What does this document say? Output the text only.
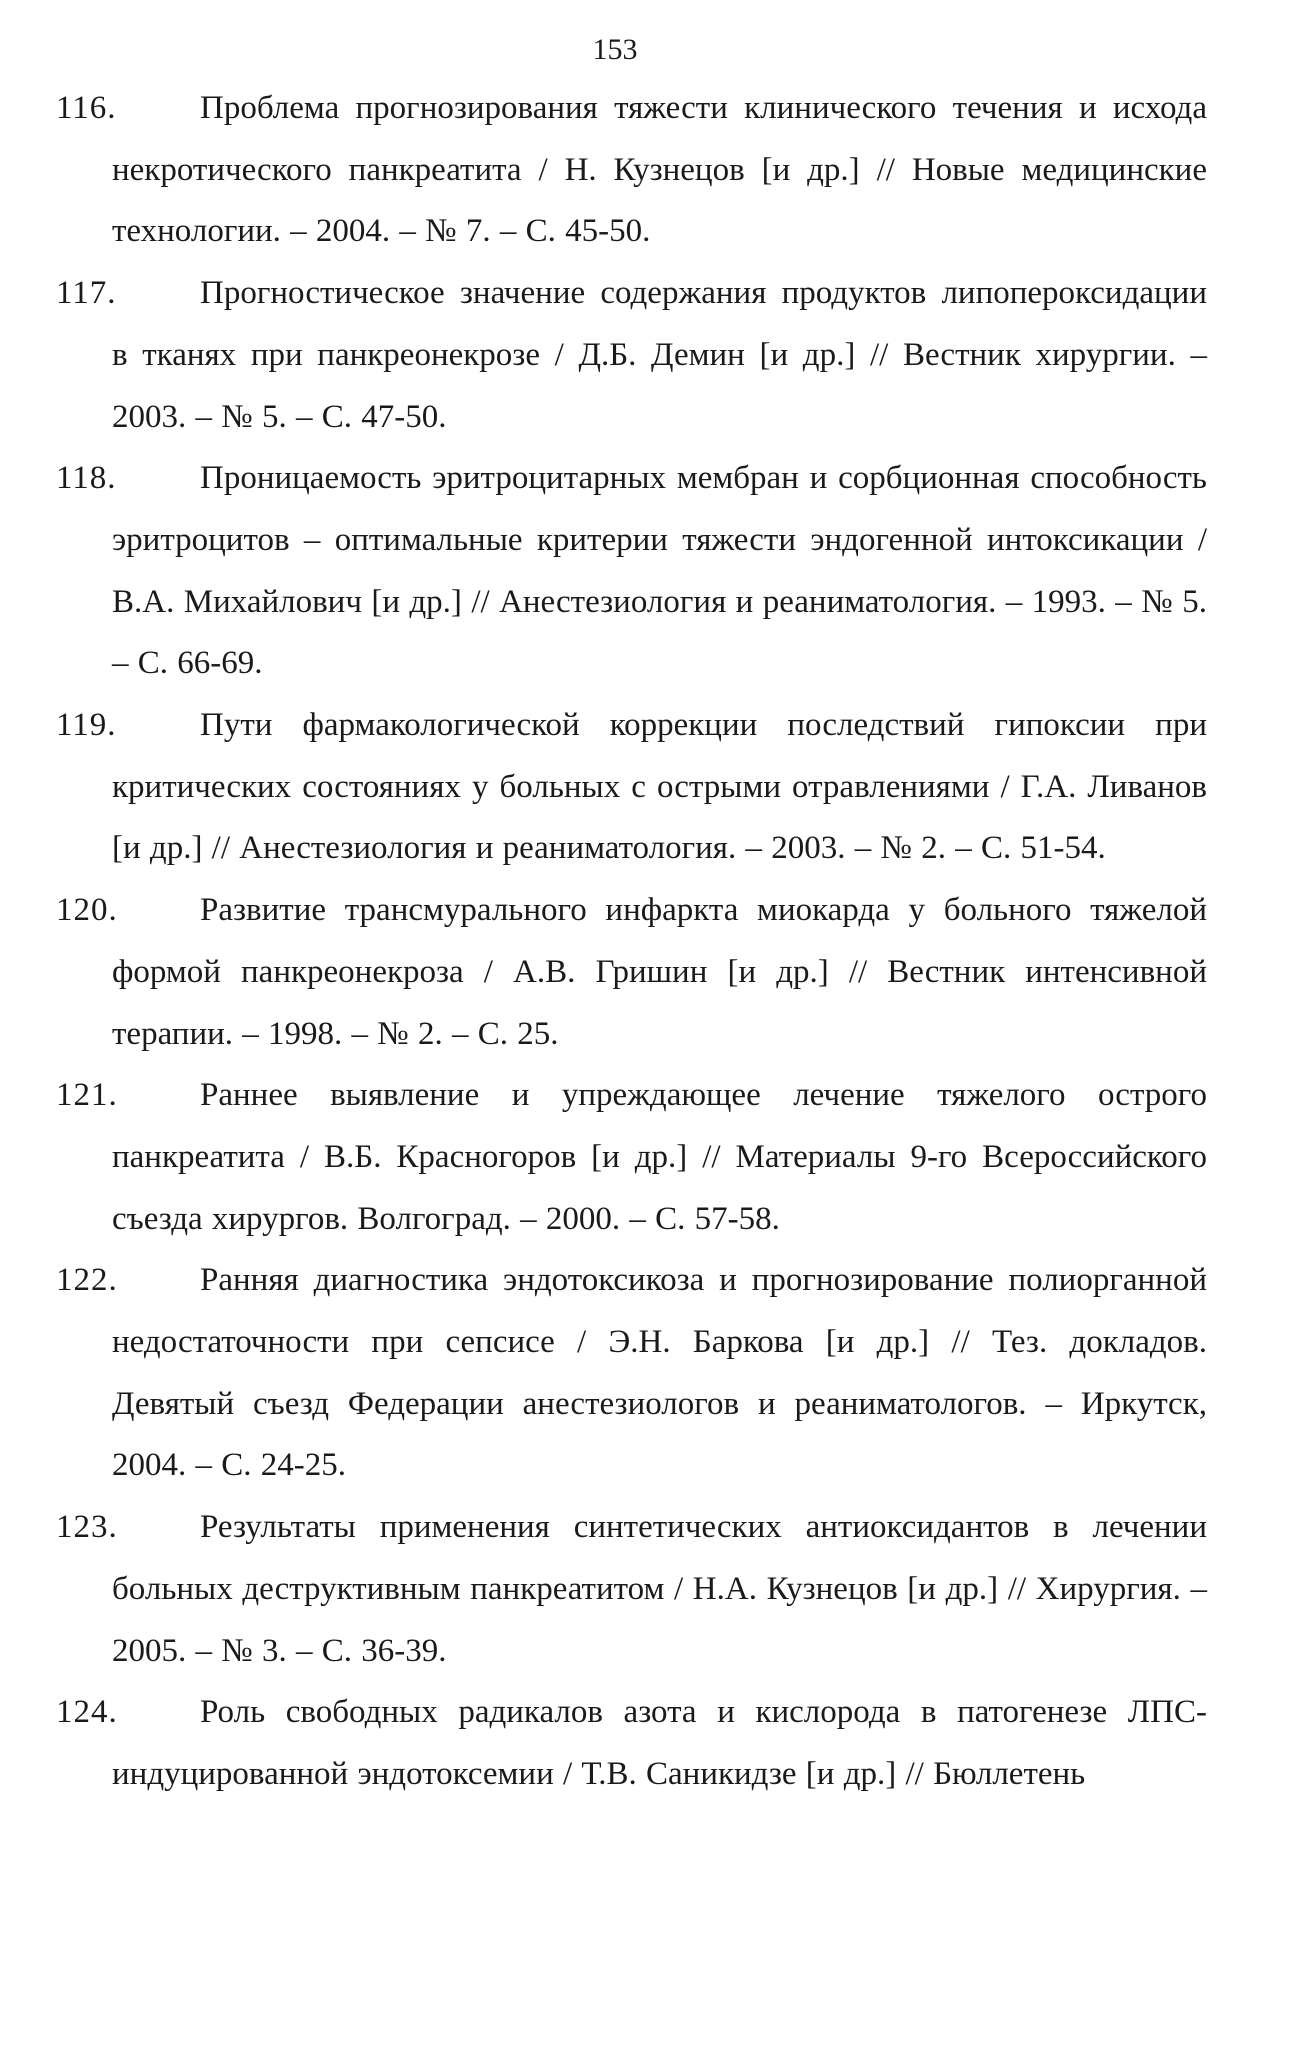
153
116.	Проблема прогнозирования тяжести клинического течения и исхода некротического панкреатита / Н. Кузнецов [и др.] // Новые медицинские технологии. – 2004. – № 7. – С. 45-50.
117.	Прогностическое значение содержания продуктов липопероксидации в тканях при панкреонекрозе / Д.Б. Демин [и др.] // Вестник хирургии. – 2003. – № 5. – С. 47-50.
118.	Проницаемость эритроцитарных мембран и сорбционная способность эритроцитов – оптимальные критерии тяжести эндогенной интоксикации / В.А. Михайлович [и др.] // Анестезиология и реаниматология. – 1993. – № 5. – С. 66-69.
119.	Пути фармакологической коррекции последствий гипоксии при критических состояниях у больных с острыми отравлениями / Г.А. Ливанов [и др.] // Анестезиология и реаниматология. – 2003. – № 2. – С. 51-54.
120.	Развитие трансмурального инфаркта миокарда у больного тяжелой формой панкреонекроза / А.В. Гришин [и др.] // Вестник интенсивной терапии. – 1998. – № 2. – С. 25.
121.	Раннее выявление и упреждающее лечение тяжелого острого панкреатита / В.Б. Красногоров [и др.] // Материалы 9-го Всероссийского съезда хирургов. Волгоград. – 2000. – С. 57-58.
122.	Ранняя диагностика эндотоксикоза и прогнозирование полиорганной недостаточности при сепсисе / Э.Н. Баркова [и др.] // Тез. докладов. Девятый съезд Федерации анестезиологов и реаниматологов. – Иркутск, 2004. – С. 24-25.
123.	Результаты применения синтетических антиоксидантов в лечении больных деструктивным панкреатитом / Н.А. Кузнецов [и др.] // Хирургия. – 2005. – № 3. – С. 36-39.
124.	Роль свободных радикалов азота и кислорода в патогенезе ЛПС-индуцированной эндотоксемии / Т.В. Саникидзе [и др.] // Бюллетень
